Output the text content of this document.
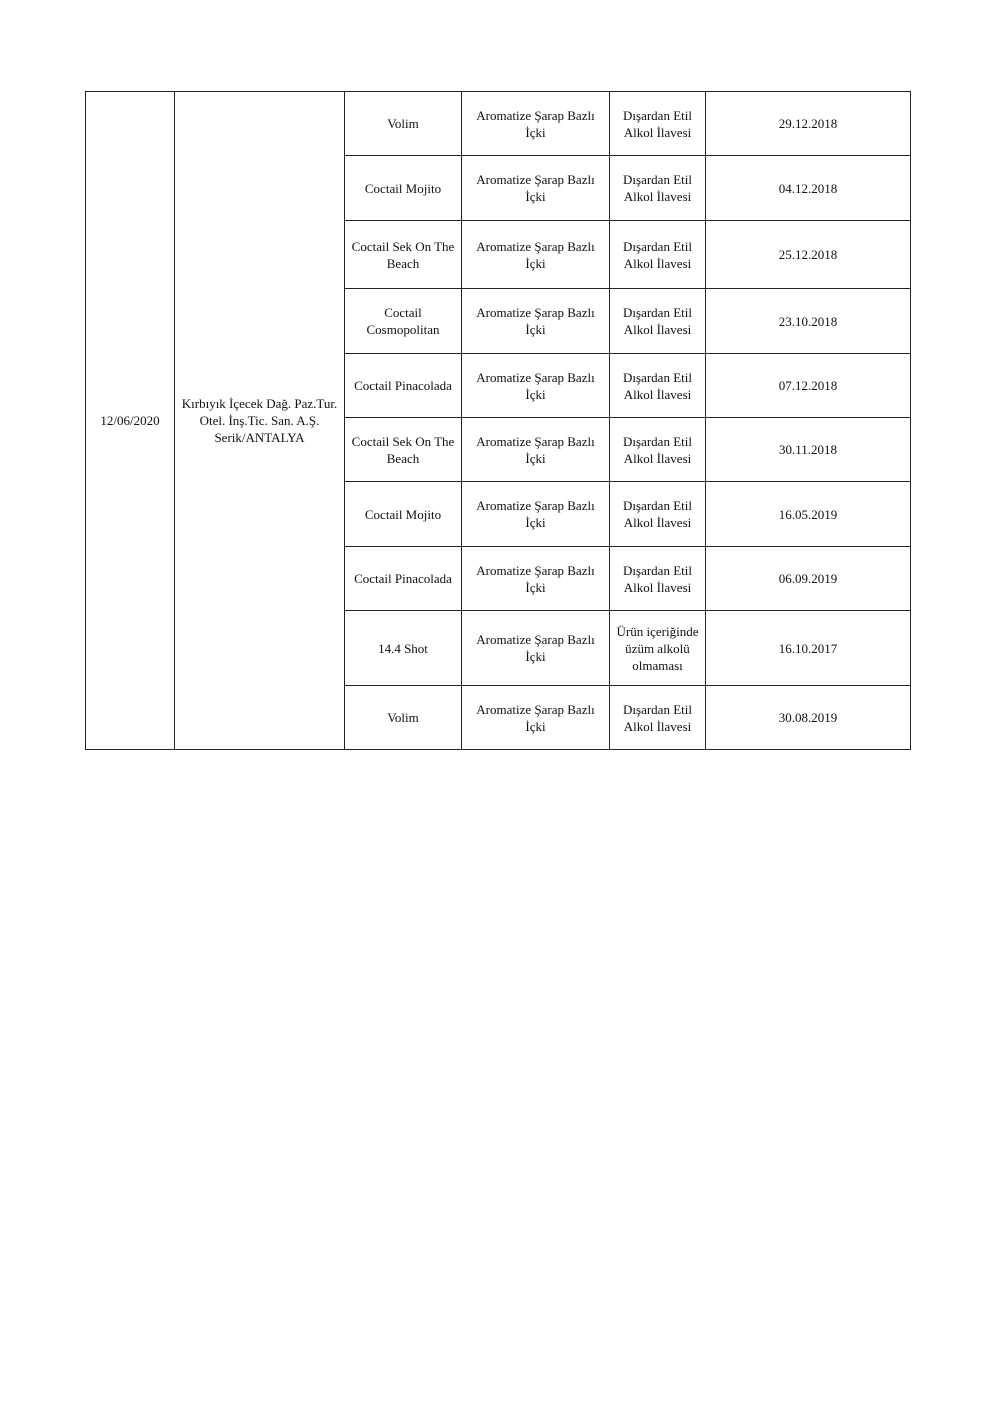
12/06/2020	Kırbıyık İçecek Dağ. Paz.Tur.
Otel. İnş.Tic. San. A.Ş.
Serik/ANTALYA	Volim	Aromatize Şarap Bazlı
İçki	Dışardan Etil
Alkol İlavesi	29.12.2018
		Coctail Mojito	Aromatize Şarap Bazlı
İçki	Dışardan Etil
Alkol İlavesi	04.12.2018
		Coctail Sek On The
Beach	Aromatize Şarap Bazlı
İçki	Dışardan Etil
Alkol İlavesi	25.12.2018
		Coctail
Cosmopolitan	Aromatize Şarap Bazlı
İçki	Dışardan Etil
Alkol İlavesi	23.10.2018
		Coctail Pinacolada	Aromatize Şarap Bazlı
İçki	Dışardan Etil
Alkol İlavesi	07.12.2018
		Coctail Sek On The
Beach	Aromatize Şarap Bazlı
İçki	Dışardan Etil
Alkol İlavesi	30.11.2018
		Coctail Mojito	Aromatize Şarap Bazlı
İçki	Dışardan Etil
Alkol İlavesi	16.05.2019
		Coctail Pinacolada	Aromatize Şarap Bazlı
İçki	Dışardan Etil
Alkol İlavesi	06.09.2019
		14.4 Shot	Aromatize Şarap Bazlı
İçki	Ürün içeriğinde
üzüm alkolü
olmaması	16.10.2017
		Volim	Aromatize Şarap Bazlı
İçki	Dışardan Etil
Alkol İlavesi	30.08.2019
